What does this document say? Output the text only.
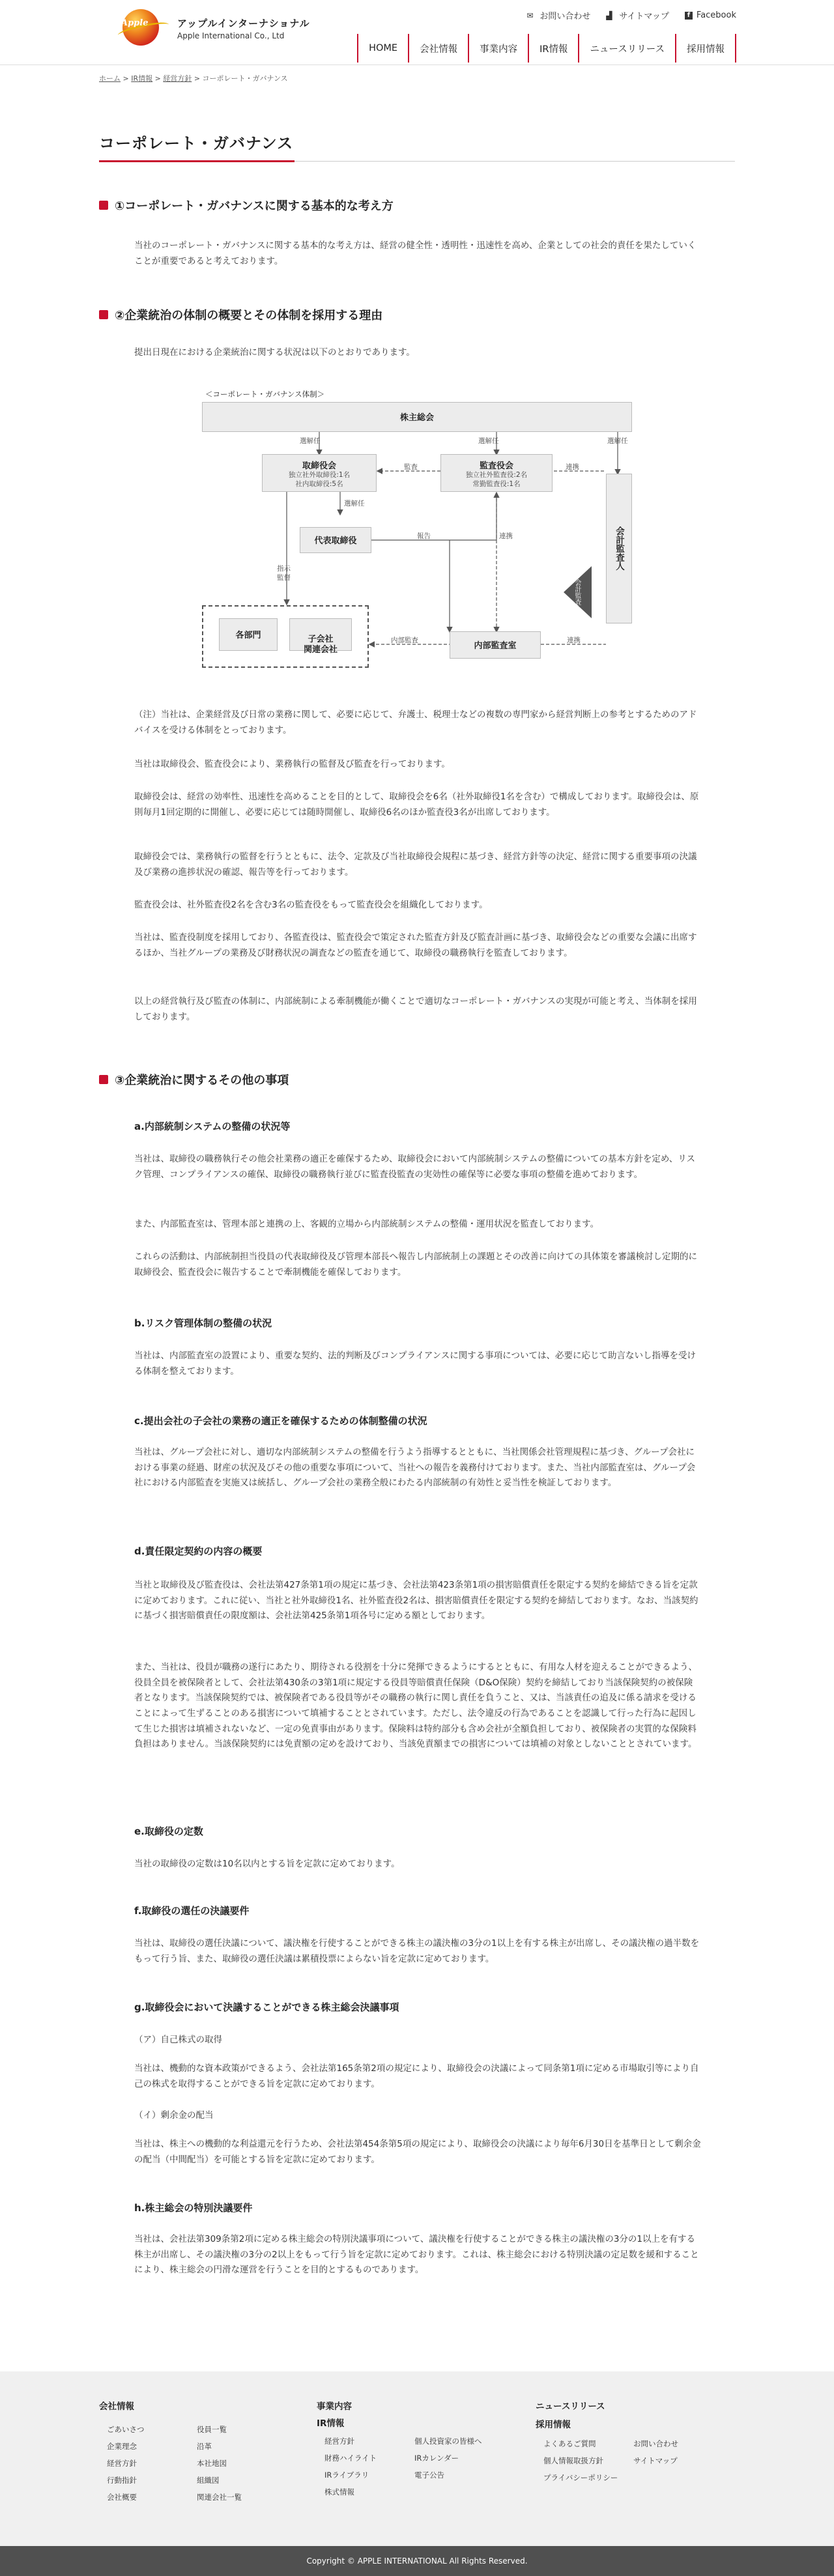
Apple	アップルインターナショナル
Apple International Co., Ltd
✉ お問い合わせ ▟ サイトマップ	f Facebook
HOME	会社情報	事業内容	IR情報	ニュースリリース	採用情報
ホーム > IR情報 > 経営方針 > コーポレート・ガバナンス
コーポレート・ガバナンス
①コーポレート・ガバナンスに関する基本的な考え方

当社のコーポレート・ガバナンスに関する基本的な考え方は、経営の健全性・透明性・迅速性を高め、企業としての社会的責任を果たしていくことが重要であると考えております。

②企業統治の体制の概要とその体制を採用する理由

提出日現在における企業統治に関する状況は以下のとおりであります。

＜コーポレート・ガバナンス体制＞
株主総会
取締役会
独立社外取締役:1名
社内取締役:5名
監査役会
独立社外監査役:2名
常勤監査役:1名
代表取締役	会計監査人
会計監査
内部監査室
各部門	子会社
関連会社

選解任	選解任	選解任
選解任
監査
報告
連携
連携
連携
指示
監督
内部監査

（注）当社は、企業経営及び日常の業務に関して、必要に応じて、弁護士、税理士などの複数の専門家から経営判断上の参考とするためのアドバイスを受ける体制をとっております。

当社は取締役会、監査役会により、業務執行の監督及び監査を行っております。

取締役会は、経営の効率性、迅速性を高めることを目的として、取締役会を6名（社外取締役1名を含む）で構成しております。取締役会は、原則毎月1回定期的に開催し、必要に応じては随時開催し、取締役6名のほか監査役3名が出席しております。

取締役会では、業務執行の監督を行うとともに、法令、定款及び当社取締役会規程に基づき、経営方針等の決定、経営に関する重要事項の決議及び業務の進捗状況の確認、報告等を行っております。

監査役会は、社外監査役2名を含む3名の監査役をもって監査役会を組織化しております。

当社は、監査役制度を採用しており、各監査役は、監査役会で策定された監査方針及び監査計画に基づき、取締役会などの重要な会議に出席するほか、当社グループの業務及び財務状況の調査などの監査を通じて、取締役の職務執行を監査しております。

以上の経営執行及び監査の体制に、内部統制による牽制機能が働くことで適切なコーポレート・ガバナンスの実現が可能と考え、当体制を採用しております。

③企業統治に関するその他の事項
a.内部統制システムの整備の状況等

当社は、取締役の職務執行その他会社業務の適正を確保するため、取締役会において内部統制システムの整備についての基本方針を定め、リスク管理、コンプライアンスの確保、取締役の職務執行並びに監査役監査の実効性の確保等に必要な事項の整備を進めております。

また、内部監査室は、管理本部と連携の上、客観的立場から内部統制システムの整備・運用状況を監査しております。

これらの活動は、内部統制担当役員の代表取締役及び管理本部長へ報告し内部統制上の課題とその改善に向けての具体策を審議検討し定期的に取締役会、監査役会に報告することで牽制機能を確保しております。

b.リスク管理体制の整備の状況

当社は、内部監査室の設置により、重要な契約、法的判断及びコンプライアンスに関する事項については、必要に応じて助言ないし指導を受ける体制を整えております。

c.提出会社の子会社の業務の適正を確保するための体制整備の状況

当社は、グループ会社に対し、適切な内部統制システムの整備を行うよう指導するとともに、当社関係会社管理規程に基づき、グループ会社における事業の経過、財産の状況及びその他の重要な事項について、当社への報告を義務付けております。また、当社内部監査室は、グループ会社における内部監査を実施又は統括し、グループ会社の業務全般にわたる内部統制の有効性と妥当性を検証しております。

d.責任限定契約の内容の概要

当社と取締役及び監査役は、会社法第427条第1項の規定に基づき、会社法第423条第1項の損害賠償責任を限定する契約を締結できる旨を定款に定めております。これに従い、当社と社外取締役1名、社外監査役2名は、損害賠償責任を限定する契約を締結しております。なお、当該契約に基づく損害賠償責任の限度額は、会社法第425条第1項各号に定める額としております。

また、当社は、役員が職務の遂行にあたり、期待される役割を十分に発揮できるようにするとともに、有用な人材を迎えることができるよう、役員全員を被保険者として、会社法第430条の3第1項に規定する役員等賠償責任保険（D&O保険）契約を締結しており当該保険契約の被保険者となります。当該保険契約では、被保険者である役員等がその職務の執行に関し責任を負うこと、又は、当該責任の追及に係る請求を受けることによって生ずることのある損害について填補することとされています。ただし、法令違反の行為であることを認識して行った行為に起因して生じた損害は填補されないなど、一定の免責事由があります。保険料は特約部分も含め会社が全額負担しており、被保険者の実質的な保険料負担はありません。当該保険契約には免責額の定めを設けており、当該免責額までの損害については填補の対象としないこととされています。

e.取締役の定数

当社の取締役の定数は10名以内とする旨を定款に定めております。

f.取締役の選任の決議要件

当社は、取締役の選任決議について、議決権を行使することができる株主の議決権の3分の1以上を有する株主が出席し、その議決権の過半数をもって行う旨、また、取締役の選任決議は累積投票によらない旨を定款に定めております。

g.取締役会において決議することができる株主総会決議事項

（ア）自己株式の取得

当社は、機動的な資本政策ができるよう、会社法第165条第2項の規定により、取締役会の決議によって同条第1項に定める市場取引等により自己の株式を取得することができる旨を定款に定めております。

（イ）剰余金の配当

当社は、株主への機動的な利益還元を行うため、会社法第454条第5項の規定により、取締役会の決議により毎年6月30日を基準日として剰余金の配当（中間配当）を可能とする旨を定款に定めております。

h.株主総会の特別決議要件

当社は、会社法第309条第2項に定める株主総会の特別決議事項について、議決権を行使することができる株主の議決権の3分の1以上を有する株主が出席し、その議決権の3分の2以上をもって行う旨を定款に定めております。これは、株主総会における特別決議の定足数を緩和することにより、株主総会の円滑な運営を行うことを目的とするものであります。

会社情報
ごあいさつ
企業理念
経営方針
行動指針
会社概要
役員一覧
沿革
本社地図
組織図
関連会社一覧
事業内容
IR情報
経営方針
財務ハイライト
IRライブラリ
株式情報
個人投資家の皆様へ
IRカレンダー
電子公告
ニュースリリース
採用情報
よくあるご質問
個人情報取扱方針
プライバシーポリシー
お問い合わせ
サイトマップ
Copyright © APPLE INTERNATIONAL All Rights Reserved.
